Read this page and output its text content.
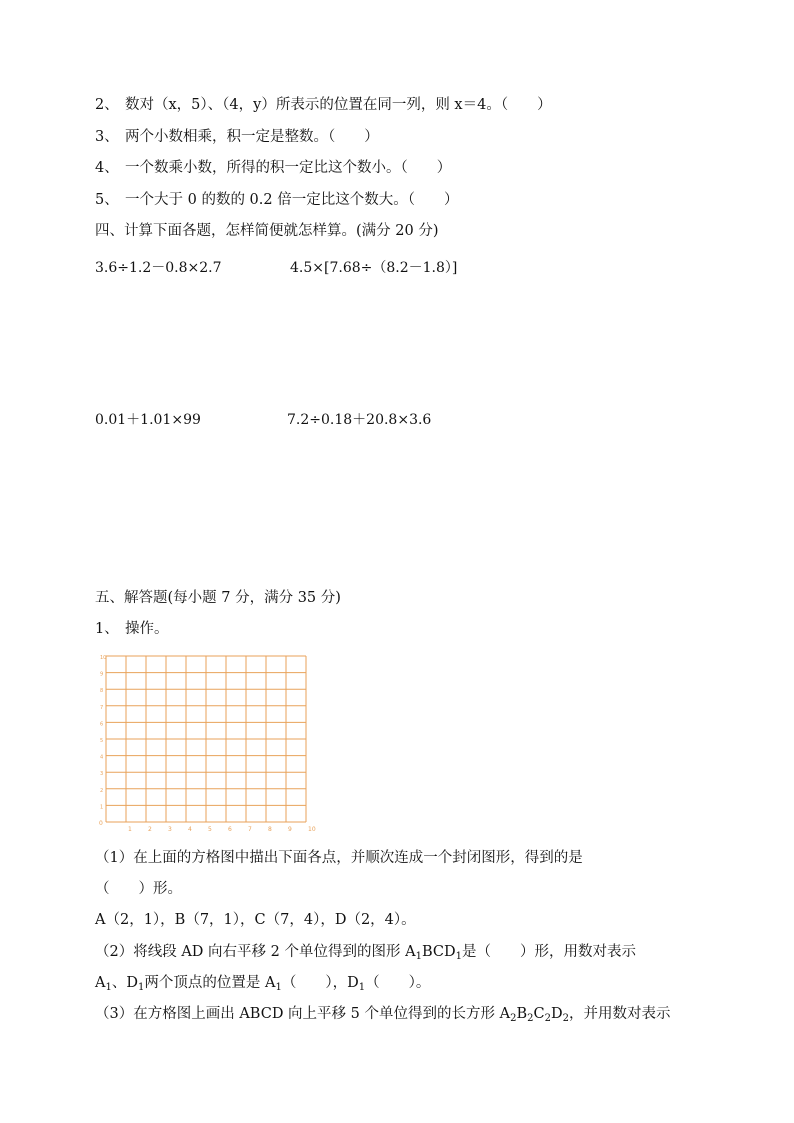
2、 数对（x，5）、（4，y）所表示的位置在同一列，则 x＝4。（　　）
3、 两个小数相乘，积一定是整数。（　　）
4、 一个数乘小数，所得的积一定比这个数小。（　　）
5、 一个大于 0 的数的 0.2 倍一定比这个数大。（　　）
四、计算下面各题，怎样简便就怎样算。(满分 20 分)
3.6÷1.2－0.8×2.7	4.5×[7.68÷（8.2－1.8）]
0.01＋1.01×99	7.2÷0.18＋20.8×3.6
五、解答题(每小题 7 分，满分 35 分)
1、 操作。
0
1	2	3	4	5	6	7	8	9	10
1
2
3
4
5
6
7
8
9
10
（1）在上面的方格图中描出下面各点，并顺次连成一个封闭图形，得到的是
（　　）形。
A（2，1），B（7，1），C（7，4），D（2，4）。
（2）将线段 AD 向右平移 2 个单位得到的图形 $A_1BCD_1$是（　　）形，用数对表示
$A_1$、$D_1$两个顶点的位置是 $A_1$（　　），$D_1$（　　）。
（3）在方格图上画出 ABCD 向上平移 5 个单位得到的长方形 $A_2B_2C_2D_2$，并用数对表示
